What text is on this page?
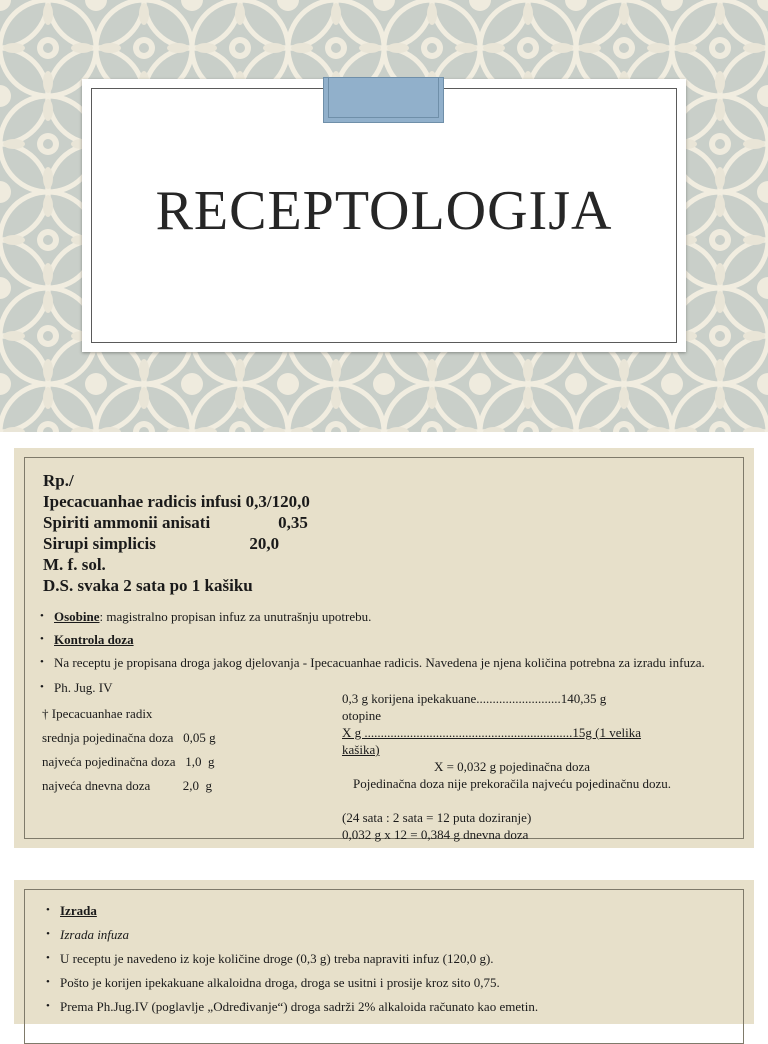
RECEPTOLOGIJA
Rp./
Ipecacuanhae radicis infusi 0,3/120,0
Spiriti ammonii anisati                0,35
Sirupi simplicis                      20,0
M. f. sol.
D.S. svaka 2 sata po 1 kašiku
• Osobine: magistralno propisan infuz za unutrašnju upotrebu.
• Kontrola doza
• Na receptu je propisana droga jakog djelovanja - Ipecacuanhae radicis. Navedena je njena količina potrebna za izradu infuza.
• Ph. Jug. IV
† Ipecacuanhae radix
srednja pojedinačna doza   0,05 g
najveća pojedinačna doza   1,0  g
najveća dnevna doza          2,0  g
0,3 g korijena ipekakuane..........................140,35 g
otopine
X g ................................................................15g (1 velika
kašika)
X = 0,032 g pojedinačna doza
Pojedinačna doza nije prekoračila najveću pojedinačnu dozu.
(24 sata : 2 sata = 12 puta doziranje)
0,032 g x 12 = 0,384 g dnevna doza
• Izrada
• Izrada infuza
• U receptu je navedeno iz koje količine droge (0,3 g) treba napraviti infuz (120,0 g).
• Pošto je korijen ipekakuane alkaloidna droga, droga se usitni i prosije kroz sito 0,75.
• Prema Ph.Jug.IV (poglavlje „Određivanje“) droga sadrži 2% alkaloida računato kao emetin.
